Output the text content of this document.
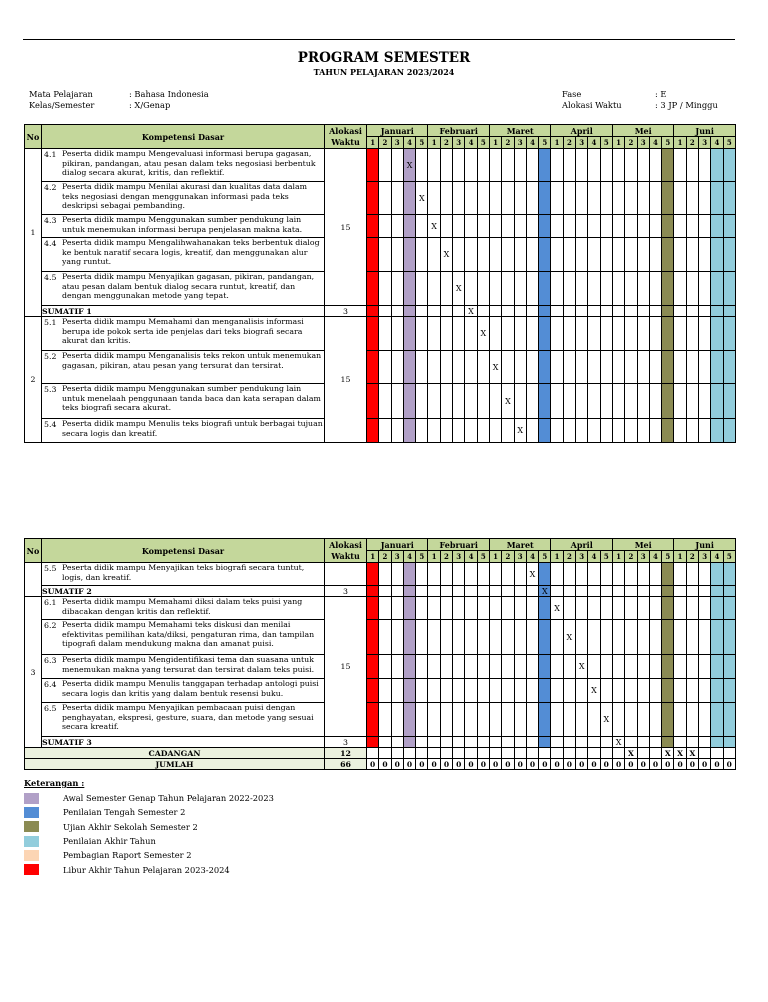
PROGRAM SEMESTER
TAHUN PELAJARAN 2023/2024
Mata Pelajaran	: Bahasa Indonesia
Kelas/Semester	: X/Genap
Fase	: E
Alokasi Waktu	: 3 JP / Minggu
No	Kompetensi Dasar	Alokasi Waktu	Januari					Februari					Maret					April					Mei					Juni				
			1	2	3	4	5	1	2	3	4	5	1	2	3	4	5	1	2	3	4	5	1	2	3	4	5	1	2	3	4	5
1	4.1 Peserta didik mampu Mengevaluasi informasi berupa gagasan, pikiran, pandangan, atau pesan dalam teks negosiasi berbentuk dialog secara akurat, kritis, dan reflektif.	15				X																										

	4.2 Peserta didik mampu Menilai akurasi dan kualitas data dalam teks negosiasi dengan menggunakan informasi pada teks deskripsi sebagai pembanding.						X																									

	4.3 Peserta didik mampu Menggunakan sumber pendukung lain untuk menemukan informasi berupa penjelasan makna kata.							X																								

	4.4 Peserta didik mampu Mengalihwahanakan teks berbentuk dialog ke bentuk naratif secara logis, kreatif, dan menggunakan alur yang runtut.								X																							

	4.5 Peserta didik mampu Menyajikan gagasan, pikiran, pandangan, atau pesan dalam bentuk dialog secara runtut, kreatif, dan dengan menggunakan metode yang tepat.									X																						
	SUMATIF 1	3									X																					
2	5.1 Peserta didik mampu Memahami dan menganalisis informasi berupa ide pokok serta ide penjelas dari teks biografi secara akurat dan kritis.	15										X																				

	5.2 Peserta didik mampu Menganalisis teks rekon untuk menemukan gagasan, pikiran, atau pesan yang tersurat dan tersirat.												X																			

	5.3 Peserta didik mampu Menggunakan sumber pendukung lain untuk menelaah penggunaan tanda baca dan kata serapan dalam teks biografi secara akurat.													X																		

	5.4 Peserta didik mampu Menulis teks biografi untuk berbagai tujuan secara logis dan kreatif.														X																	
No	Kompetensi Dasar	Alokasi Waktu	Januari					Februari					Maret					April					Mei					Juni				
			1	2	3	4	5	1	2	3	4	5	1	2	3	4	5	1	2	3	4	5	1	2	3	4	5	1	2	3	4	5

	5.5 Peserta didik mampu Menyajikan teks biografi secara tuntut, logis, dan kreatif.															X																
	SUMATIF 2	3															X															
3	6.1 Peserta didik mampu Memahami diksi dalam teks puisi yang dibacakan dengan kritis dan reflektif.	15																X														

	6.2 Peserta didik mampu Memahami teks diskusi dan menilai efektivitas pemilihan kata/diksi, pengaturan rima, dan tampilan tipografi dalam mendukung makna dan amanat puisi.																		X													

	6.3 Peserta didik mampu Mengidentifikasi tema dan suasana untuk menemukan makna yang tersurat dan tersirat dalam teks puisi.																			X												

	6.4 Peserta didik mampu Menulis tanggapan terhadap antologi puisi secara logis dan kritis yang dalam bentuk resensi buku.																				X											

	6.5 Peserta didik mampu Menyajikan pembacaan puisi dengan penghayatan, ekspresi, gesture, suara, dan metode yang sesuai secara kreatif.																					X										
	SUMATIF 3	3																					X									
CADANGAN		12																						X			X	X	X			
JUMLAH		66	0	0	0	0	0	0	0	0	0	0	0	0	0	0	0	0	0	0	0	0	0	0	0	0	0	0	0	0	0	0
Keterangan :
Awal Semester Genap Tahun Pelajaran 2022-2023
Penilaian Tengah Semester 2
Ujian Akhir Sekolah Semester 2
Penilaian Akhir Tahun
Pembagian Raport Semester 2
Libur Akhir Tahun Pelajaran 2023-2024
